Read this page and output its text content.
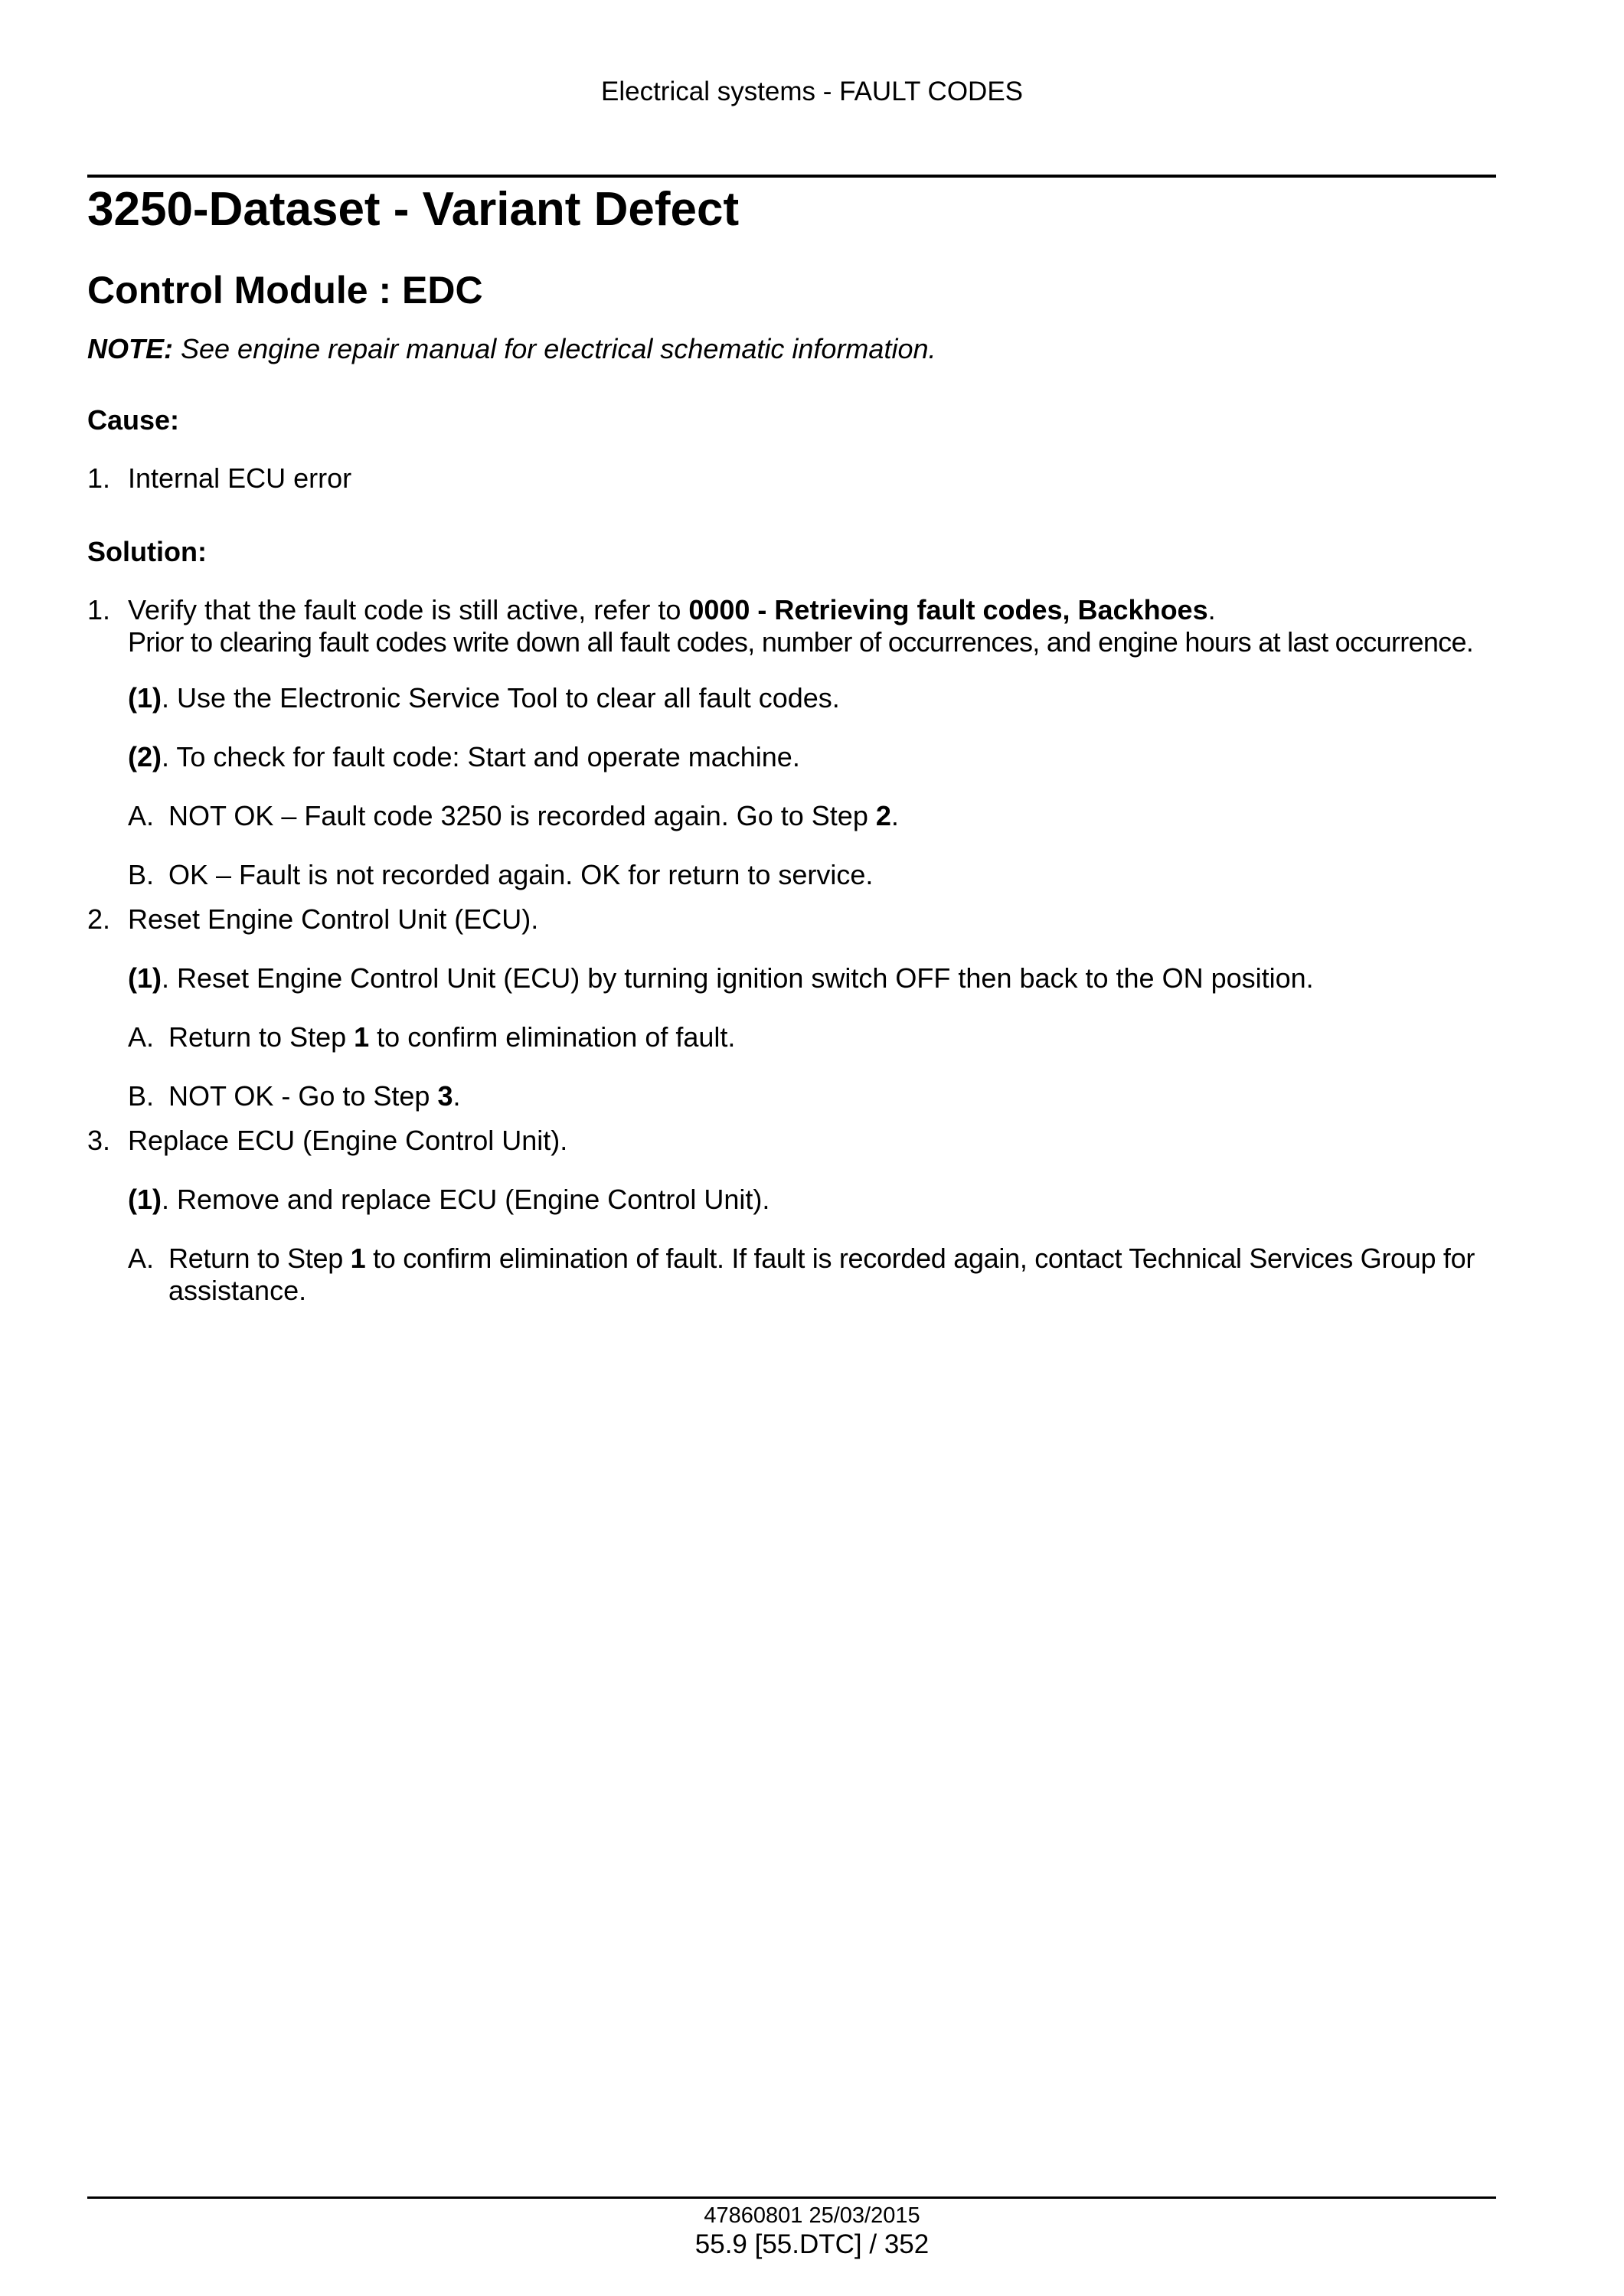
Electrical systems - FAULT CODES
3250-Dataset - Variant Defect
Control Module : EDC
NOTE: See engine repair manual for electrical schematic information.
Cause:
1. Internal ECU error
Solution:
1. Verify that the fault code is still active, refer to 0000 - Retrieving fault codes, Backhoes.
Prior to clearing fault codes write down all fault codes, number of occurrences, and engine hours at last occurrence.
(1). Use the Electronic Service Tool to clear all fault codes.
(2). To check for fault code: Start and operate machine.
A. NOT OK – Fault code 3250 is recorded again. Go to Step 2.
B. OK – Fault is not recorded again. OK for return to service.
2. Reset Engine Control Unit (ECU).
(1). Reset Engine Control Unit (ECU) by turning ignition switch OFF then back to the ON position.
A. Return to Step 1 to confirm elimination of fault.
B. NOT OK - Go to Step 3.
3. Replace ECU (Engine Control Unit).
(1). Remove and replace ECU (Engine Control Unit).
A. Return to Step 1 to confirm elimination of fault. If fault is recorded again, contact Technical Services Group for
assistance.
47860801 25/03/2015
55.9 [55.DTC] / 352
